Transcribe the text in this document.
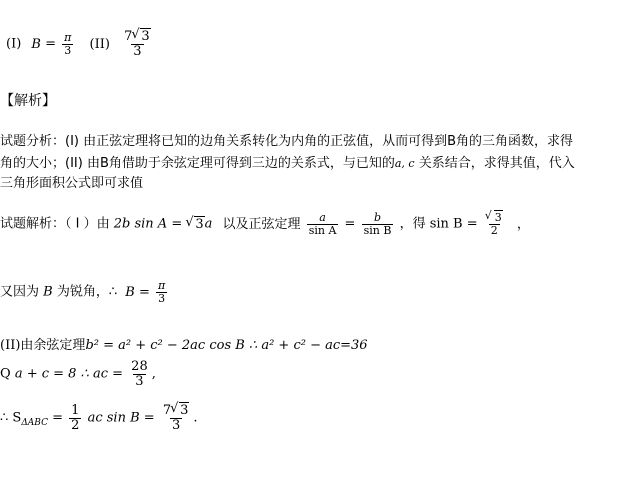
(I) $B = \frac{\pi}{3} (II) \frac{7 √ 3}{3}$
【解析】
试题分析：(I) 由正弦定理将已知的边角关系转化为内角的正弦值，从而可得到B角的三角函数，求得
角的大小；(II) 由B角借助于余弦定理可得到三边的关系式，与已知的a, c 关系结合，求得其值，代入
三角形面积公式即可求值
试题解析：（ I ）由 2b sin A = √ 3a 以及正弦定理 $\frac{a}{\text{sin A}} = \frac{b}{\text{sin B}}$ ，得 sin B = √ $\frac{3}{2}$ ，
又因为 B 为锐角，∴ $B = \frac{\pi}{3}$
(II)由余弦定理b² = a² + c² − 2ac cos B ∴ a² + c² − ac=36
Q a + c = 8 ∴ ac = $\frac{28}{3}$ ,
∴ $S_{\Delta ABC} = \frac{1}{2}$ ac $\sin B = \frac{7 √ 3}{3}$ .
